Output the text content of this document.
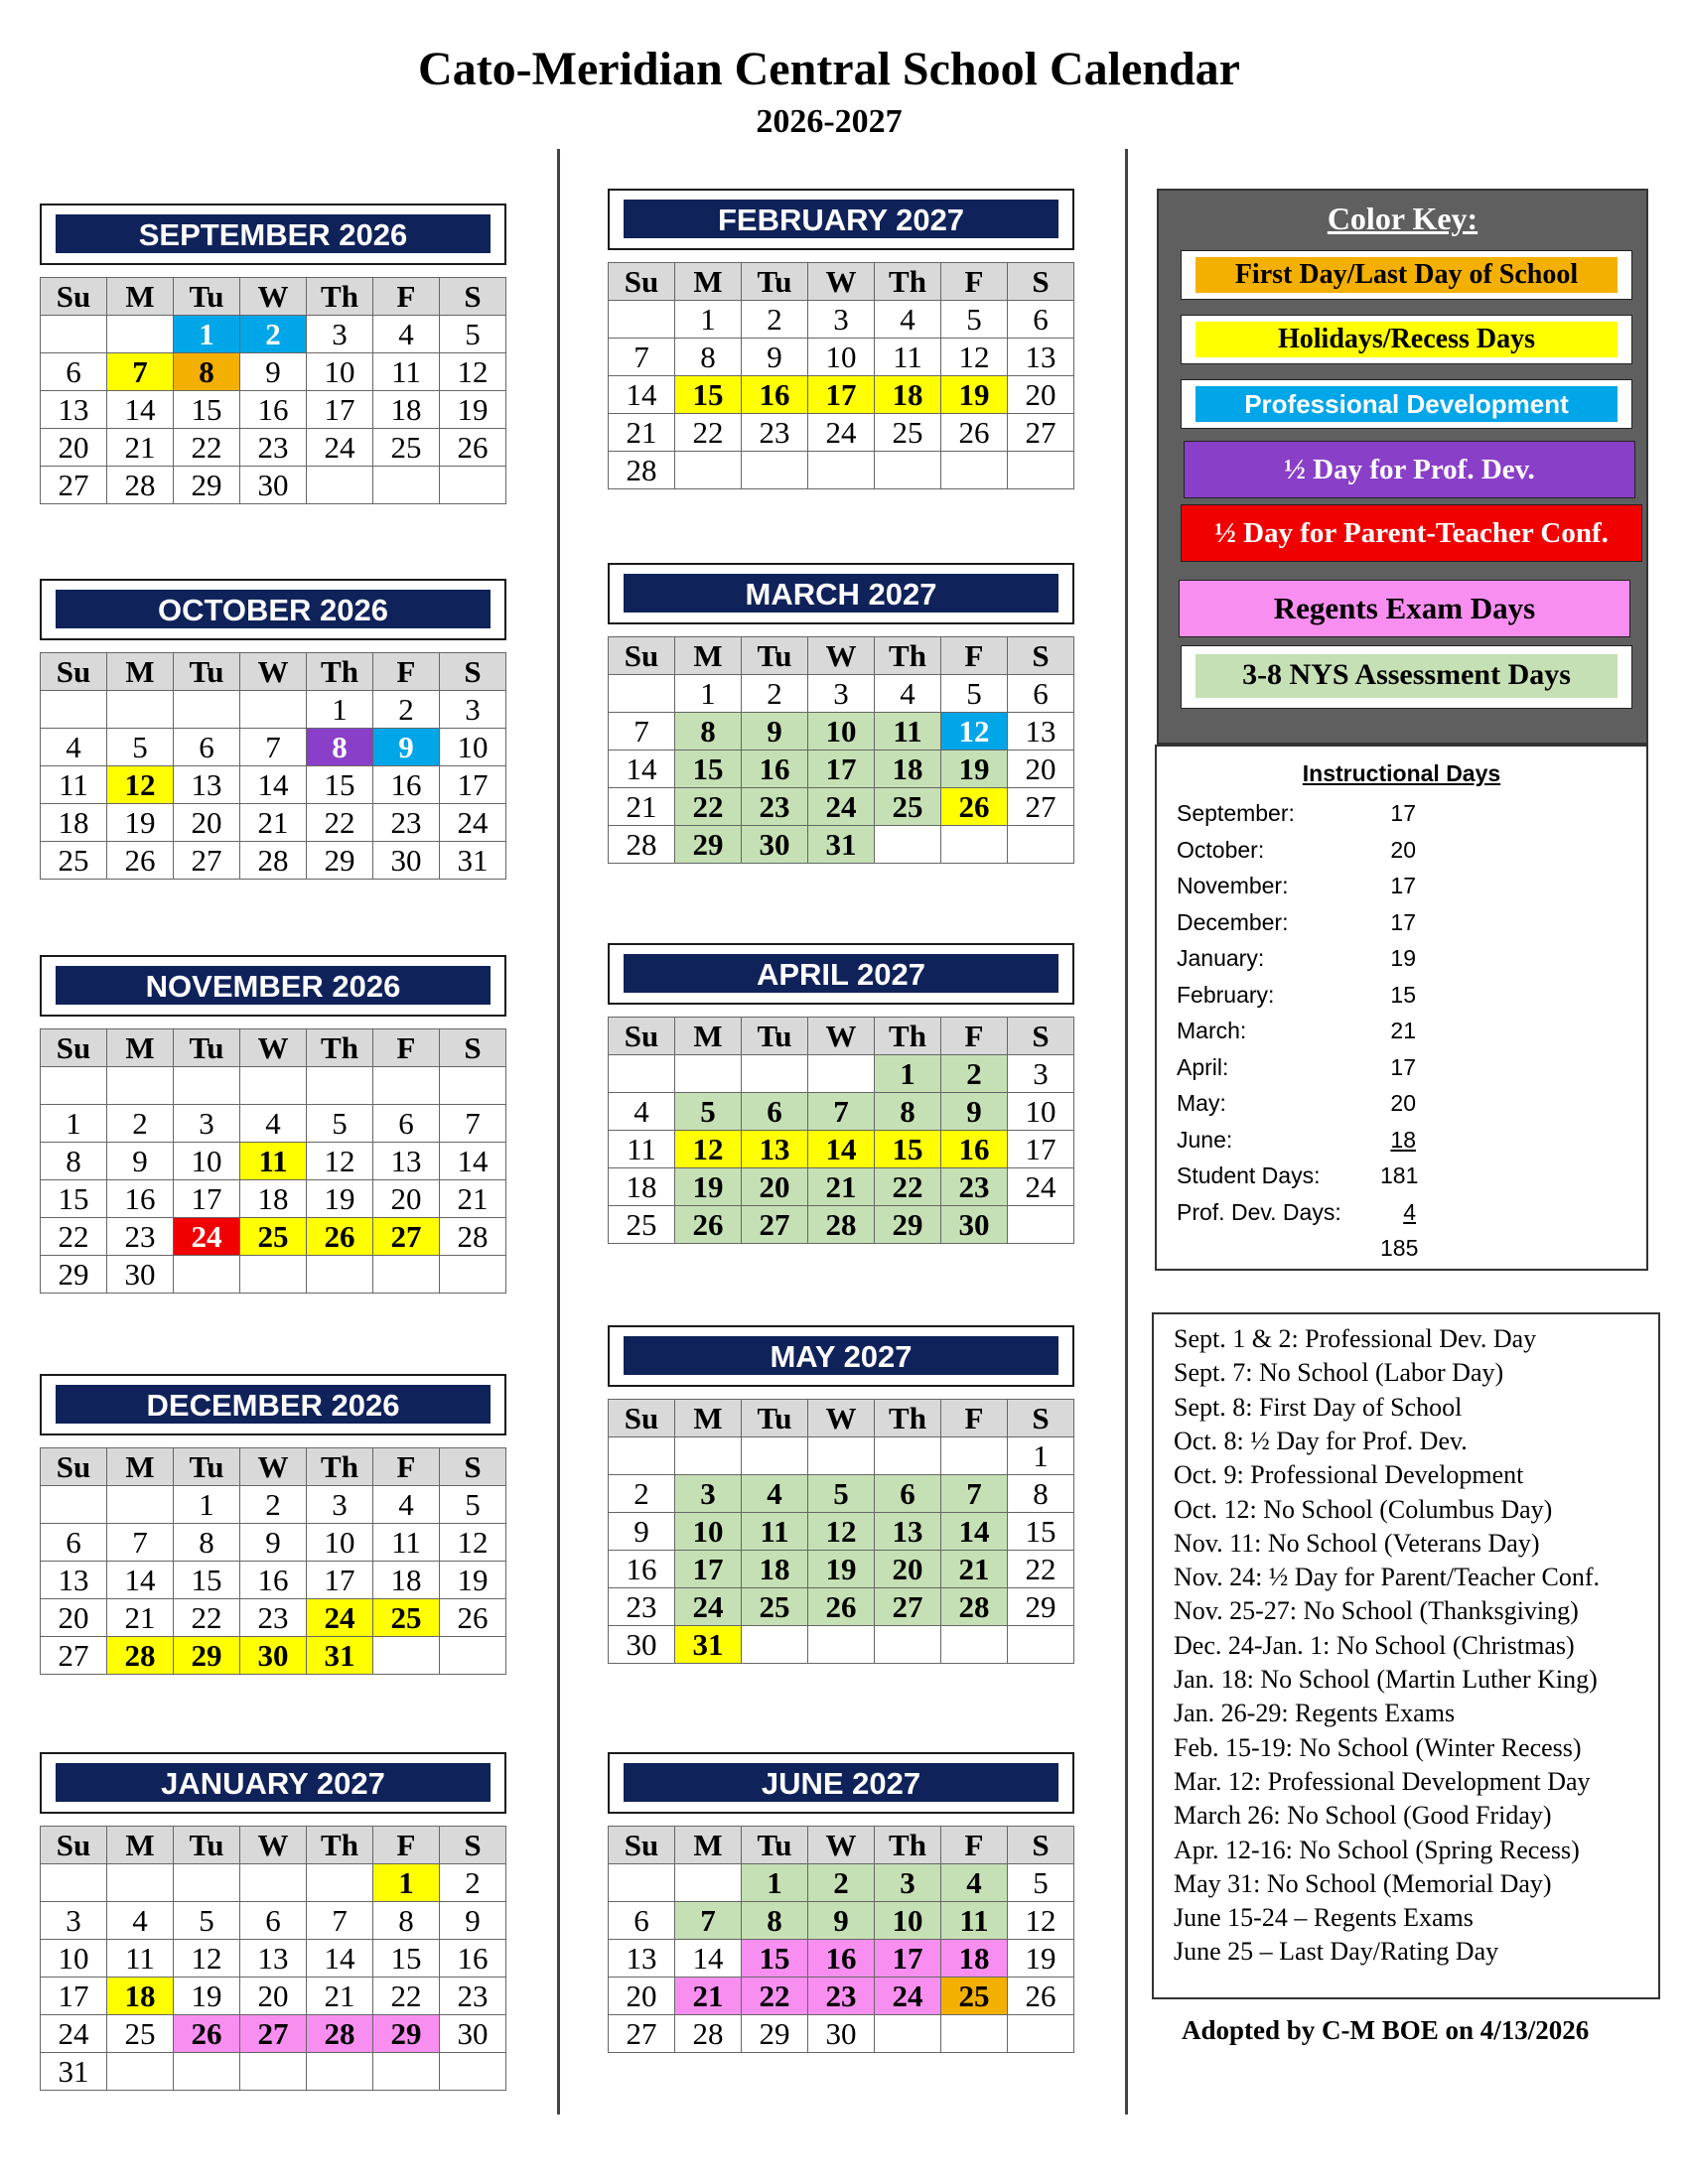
Cato-Meridian Central School Calendar
2026-2027
SEPTEMBER 2026
Su	M	Tu	W	Th	F	S
		1	2	3	4	5
6	7	8	9	10	11	12
13	14	15	16	17	18	19
20	21	22	23	24	25	26
27	28	29	30			
OCTOBER 2026
Su	M	Tu	W	Th	F	S
				1	2	3
4	5	6	7	8	9	10
11	12	13	14	15	16	17
18	19	20	21	22	23	24
25	26	27	28	29	30	31
NOVEMBER 2026
Su	M	Tu	W	Th	F	S

1	2	3	4	5	6	7
8	9	10	11	12	13	14
15	16	17	18	19	20	21
22	23	24	25	26	27	28
29	30					
DECEMBER 2026
Su	M	Tu	W	Th	F	S
		1	2	3	4	5
6	7	8	9	10	11	12
13	14	15	16	17	18	19
20	21	22	23	24	25	26
27	28	29	30	31		
JANUARY 2027
Su	M	Tu	W	Th	F	S
					1	2
3	4	5	6	7	8	9
10	11	12	13	14	15	16
17	18	19	20	21	22	23
24	25	26	27	28	29	30
31						
FEBRUARY 2027
Su	M	Tu	W	Th	F	S
	1	2	3	4	5	6
7	8	9	10	11	12	13
14	15	16	17	18	19	20
21	22	23	24	25	26	27
28						
MARCH 2027
Su	M	Tu	W	Th	F	S
	1	2	3	4	5	6
7	8	9	10	11	12	13
14	15	16	17	18	19	20
21	22	23	24	25	26	27
28	29	30	31			
APRIL 2027
Su	M	Tu	W	Th	F	S
				1	2	3
4	5	6	7	8	9	10
11	12	13	14	15	16	17
18	19	20	21	22	23	24
25	26	27	28	29	30	
MAY 2027
Su	M	Tu	W	Th	F	S
						1
2	3	4	5	6	7	8
9	10	11	12	13	14	15
16	17	18	19	20	21	22
23	24	25	26	27	28	29
30	31					
JUNE 2027
Su	M	Tu	W	Th	F	S
		1	2	3	4	5
6	7	8	9	10	11	12
13	14	15	16	17	18	19
20	21	22	23	24	25	26
27	28	29	30			
Color Key:
First Day/Last Day of School
Holidays/Recess Days
Professional Development
½ Day for Prof. Dev.
½ Day for Parent-Teacher Conf.
Regents Exam Days
3-8 NYS Assessment Days
Instructional Days
September:	17
October:	20
November:	17
December:	17
January:	19
February:	15
March:	21
April:	17
May:	20
June:	18
Student Days:	181
Prof. Dev. Days:	4
185
Sept. 1 & 2: Professional Dev. Day
Sept. 7: No School (Labor Day)
Sept. 8: First Day of School
Oct. 8: ½ Day for Prof. Dev.
Oct. 9: Professional Development
Oct. 12: No School (Columbus Day)
Nov. 11: No School (Veterans Day)
Nov. 24: ½ Day for Parent/Teacher Conf.
Nov. 25-27: No School (Thanksgiving)
Dec. 24-Jan. 1: No School (Christmas)
Jan. 18: No School (Martin Luther King)
Jan. 26-29: Regents Exams
Feb. 15-19: No School (Winter Recess)
Mar. 12: Professional Development Day
March 26: No School (Good Friday)
Apr. 12-16: No School (Spring Recess)
May 31: No School (Memorial Day)
June 15-24 – Regents Exams
June 25 – Last Day/Rating Day
Adopted by C-M BOE on 4/13/2026
